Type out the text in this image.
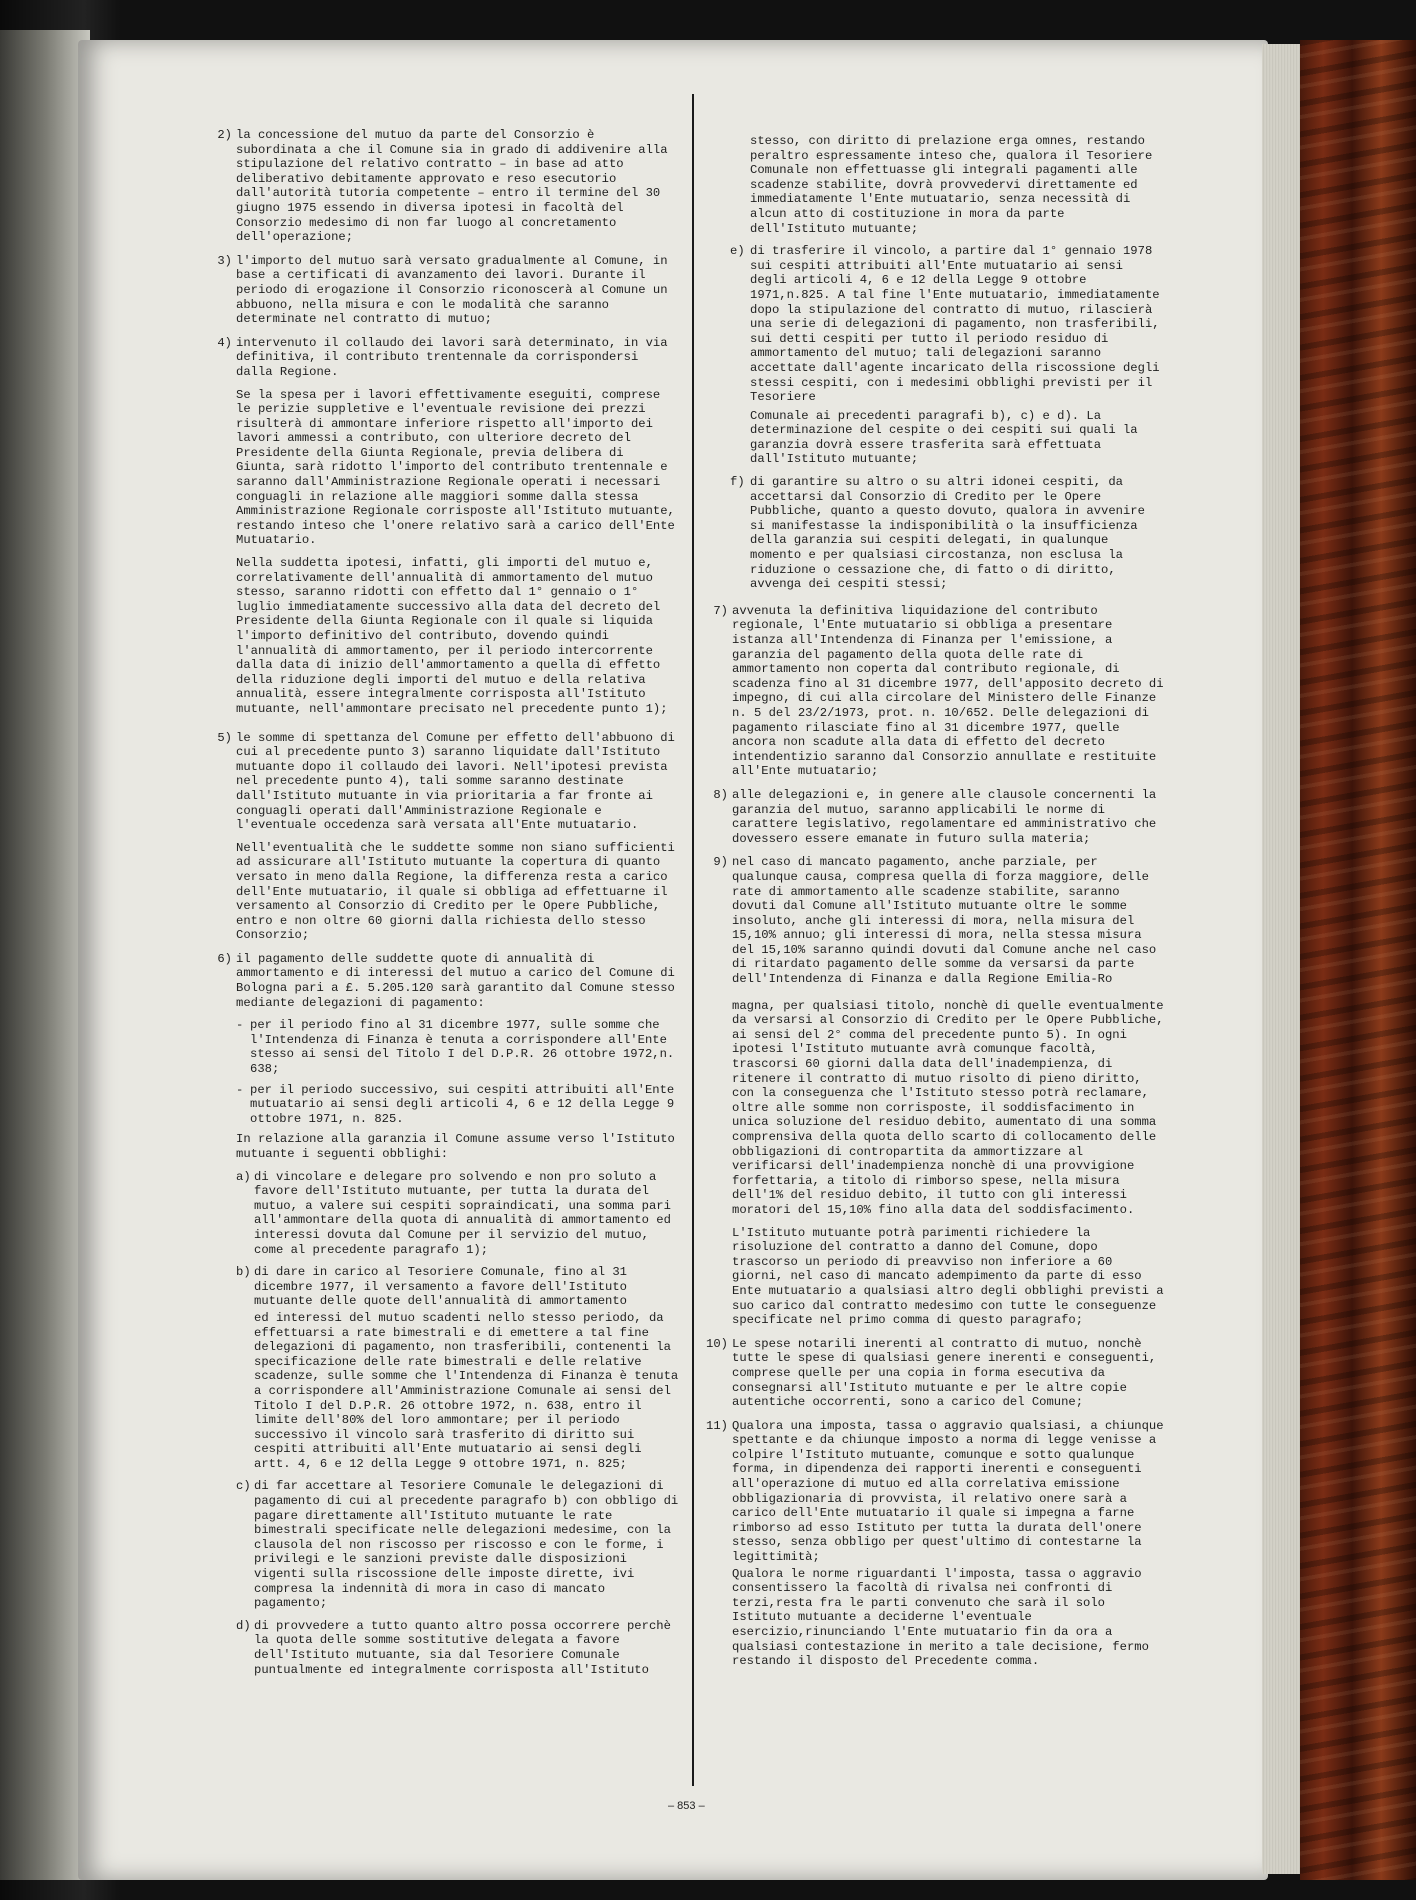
2) la concessione del mutuo da parte del Consorzio è subordinata a che il Comune sia in grado di addivenire alla stipulazione del relativo contratto – in base ad atto deliberativo debitamente approvato e reso esecutorio dall'autorità tutoria competente – entro il termine del 30 giugno 1975 essendo in diversa ipotesi in facoltà del Consorzio medesimo di non far luogo al concretamento dell'operazione;

3) l'importo del mutuo sarà versato gradualmente al Comune, in base a certificati di avanzamento dei lavori. Durante il periodo di erogazione il Consorzio riconoscerà al Comune un abbuono, nella misura e con le modalità che saranno determinate nel contratto di mutuo;

4) intervenuto il collaudo dei lavori sarà determinato, in via definitiva, il contributo trentennale da corrispondersi dalla Regione.

Se la spesa per i lavori effettivamente eseguiti, comprese le perizie suppletive e l'eventuale revisione dei prezzi risulterà di ammontare inferiore rispetto all'importo dei lavori ammessi a contributo, con ulteriore decreto del Presidente della Giunta Regionale, previa delibera di Giunta, sarà ridotto l'importo del contributo trentennale e saranno dall'Amministrazione Regionale operati i necessari conguagli in relazione alle maggiori somme dalla stessa Amministrazione Regionale corrisposte all'Istituto mutuante, restando inteso che l'onere relativo sarà a carico dell'Ente Mutuatario.

Nella suddetta ipotesi, infatti, gli importi del mutuo e, correlativamente dell'annualità di ammortamento del mutuo stesso, saranno ridotti con effetto dal 1° gennaio o 1° luglio immediatamente successivo alla data del decreto del Presidente della Giunta Regionale con il quale si liquida l'importo definitivo del contributo, dovendo quindi l'annualità di ammortamento, per il periodo intercorrente dalla data di inizio dell'ammortamento a quella di effetto della riduzione degli importi del mutuo e della relativa annualità, essere integralmente corrisposta all'Istituto mutuante, nell'ammontare precisato nel precedente punto 1);

5) le somme di spettanza del Comune per effetto dell'abbuono di cui al precedente punto 3) saranno liquidate dall'Istituto mutuante dopo il collaudo dei lavori. Nell'ipotesi prevista nel precedente punto 4), tali somme saranno destinate dall'Istituto mutuante in via prioritaria a far fronte ai conguagli operati dall'Amministrazione Regionale e l'eventuale occedenza sarà versata all'Ente mutuatario.

Nell'eventualità che le suddette somme non siano sufficienti ad assicurare all'Istituto mutuante la copertura di quanto versato in meno dalla Regione, la differenza resta a carico dell'Ente mutuatario, il quale si obbliga ad effettuarne il versamento al Consorzio di Credito per le Opere Pubbliche, entro e non oltre 60 giorni dalla richiesta dello stesso Consorzio;

6) il pagamento delle suddette quote di annualità di ammortamento e di interessi del mutuo a carico del Comune di Bologna pari a £. 5.205.120 sarà garantito dal Comune stesso mediante delegazioni di pagamento:

- per il periodo fino al 31 dicembre 1977, sulle somme che l'Intendenza di Finanza è tenuta a corrispondere all'Ente stesso ai sensi del Titolo I del D.P.R. 26 ottobre 1972,n. 638;
- per il periodo successivo, sui cespiti attribuiti all'Ente mutuatario ai sensi degli articoli 4, 6 e 12 della Legge 9 ottobre 1971, n. 825.

In relazione alla garanzia il Comune assume verso l'Istituto mutuante i seguenti obblighi:

a) di vincolare e delegare pro solvendo e non pro soluto a favore dell'Istituto mutuante, per tutta la durata del mutuo, a valere sui cespiti sopraindicati, una somma pari all'ammontare della quota di annualità di ammortamento ed interessi dovuta dal Comune per il servizio del mutuo, come al precedente paragrafo 1);

b) di dare in carico al Tesoriere Comunale, fino al 31 dicembre 1977, il versamento a favore dell'Istituto mutuante delle quote dell'annualità di ammortamento

ed interessi del mutuo scadenti nello stesso periodo, da effettuarsi a rate bimestrali e di emettere a tal fine delegazioni di pagamento, non trasferibili, contenenti la specificazione delle rate bimestrali e delle relative scadenze, sulle somme che l'Intendenza di Finanza è tenuta a corrispondere all'Amministrazione Comunale ai sensi del Titolo I del D.P.R. 26 ottobre 1972, n. 638, entro il limite dell'80% del loro ammontare; per il periodo successivo il vincolo sarà trasferito di diritto sui cespiti attribuiti all'Ente mutuatario ai sensi degli artt. 4, 6 e 12 della Legge 9 ottobre 1971, n. 825;

c) di far accettare al Tesoriere Comunale le delegazioni di pagamento di cui al precedente paragrafo b) con obbligo di pagare direttamente all'Istituto mutuante le rate bimestrali specificate nelle delegazioni medesime, con la clausola del non riscosso per riscosso e con le forme, i privilegi e le sanzioni previste dalle disposizioni vigenti sulla riscossione delle imposte dirette, ivi compresa la indennità di mora in caso di mancato pagamento;

d) di provvedere a tutto quanto altro possa occorrere perchè la quota delle somme sostitutive delegata a favore dell'Istituto mutuante, sia dal Tesoriere Comunale puntualmente ed integralmente corrisposta all'Istituto

stesso, con diritto di prelazione erga omnes, restando peraltro espressamente inteso che, qualora il Tesoriere Comunale non effettuasse gli integrali pagamenti alle scadenze stabilite, dovrà provvedervi direttamente ed immediatamente l'Ente mutuatario, senza necessità di alcun atto di costituzione in mora da parte dell'Istituto mutuante;

e) di trasferire il vincolo, a partire dal 1° gennaio 1978 sui cespiti attribuiti all'Ente mutuatario ai sensi degli articoli 4, 6 e 12 della Legge 9 ottobre 1971,n.825. A tal fine l'Ente mutuatario, immediatamente dopo la stipulazione del contratto di mutuo, rilascierà una serie di delegazioni di pagamento, non trasferibili, sui detti cespiti per tutto il periodo residuo di ammortamento del mutuo; tali delegazioni saranno accettate dall'agente incaricato della riscossione degli stessi cespiti, con i medesimi obblighi previsti per il Tesoriere

Comunale ai precedenti paragrafi b), c) e d). La determinazione del cespite o dei cespiti sui quali la garanzia dovrà essere trasferita sarà effettuata dall'Istituto mutuante;

f) di garantire su altro o su altri idonei cespiti, da accettarsi dal Consorzio di Credito per le Opere Pubbliche, quanto a questo dovuto, qualora in avvenire si manifestasse la indisponibilità o la insufficienza della garanzia sui cespiti delegati, in qualunque momento e per qualsiasi circostanza, non esclusa la riduzione o cessazione che, di fatto o di diritto, avvenga dei cespiti stessi;

7) avvenuta la definitiva liquidazione del contributo regionale, l'Ente mutuatario si obbliga a presentare istanza all'Intendenza di Finanza per l'emissione, a garanzia del pagamento della quota delle rate di ammortamento non coperta dal contributo regionale, di scadenza fino al 31 dicembre 1977, dell'apposito decreto di impegno, di cui alla circolare del Ministero delle Finanze n. 5 del 23/2/1973, prot. n. 10/652. Delle delegazioni di pagamento rilasciate fino al 31 dicembre 1977, quelle ancora non scadute alla data di effetto del decreto intendentizio saranno dal Consorzio annullate e restituite all'Ente mutuatario;

8) alle delegazioni e, in genere alle clausole concernenti la garanzia del mutuo, saranno applicabili le norme di carattere legislativo, regolamentare ed amministrativo che dovessero essere emanate in futuro sulla materia;

9) nel caso di mancato pagamento, anche parziale, per qualunque causa, compresa quella di forza maggiore, delle rate di ammortamento alle scadenze stabilite, saranno dovuti dal Comune all'Istituto mutuante oltre le somme insoluto, anche gli interessi di mora, nella misura del 15,10% annuo; gli interessi di mora, nella stessa misura del 15,10% saranno quindi dovuti dal Comune anche nel caso di ritardato pagamento delle somme da versarsi da parte dell'Intendenza di Finanza e dalla Regione Emilia-Ro

magna, per qualsiasi titolo, nonchè di quelle eventualmente da versarsi al Consorzio di Credito per le Opere Pubbliche, ai sensi del 2° comma del precedente punto 5). In ogni ipotesi l'Istituto mutuante avrà comunque facoltà, trascorsi 60 giorni dalla data dell'inadempienza, di ritenere il contratto di mutuo risolto di pieno diritto, con la conseguenza che l'Istituto stesso potrà reclamare, oltre alle somme non corrisposte, il soddisfacimento in unica soluzione del residuo debito, aumentato di una somma comprensiva della quota dello scarto di collocamento delle obbligazioni di contropartita da ammortizzare al verificarsi dell'inadempienza nonchè di una provvigione forfettaria, a titolo di rimborso spese, nella misura dell'1% del residuo debito, il tutto con gli interessi moratori del 15,10% fino alla data del soddisfacimento.

L'Istituto mutuante potrà parimenti richiedere la risoluzione del contratto a danno del Comune, dopo trascorso un periodo di preavviso non inferiore a 60 giorni, nel caso di mancato adempimento da parte di esso Ente mutuatario a qualsiasi altro degli obblighi previsti a suo carico dal contratto medesimo con tutte le conseguenze specificate nel primo comma di questo paragrafo;

10) Le spese notarili inerenti al contratto di mutuo, nonchè tutte le spese di qualsiasi genere inerenti e conseguenti, comprese quelle per una copia in forma esecutiva da consegnarsi all'Istituto mutuante e per le altre copie autentiche occorrenti, sono a carico del Comune;

11) Qualora una imposta, tassa o aggravio qualsiasi, a chiunque spettante e da chiunque imposto a norma di legge venisse a colpire l'Istituto mutuante, comunque e sotto qualunque forma, in dipendenza dei rapporti inerenti e conseguenti all'operazione di mutuo ed alla correlativa emissione obbligazionaria di provvista, il relativo onere sarà a carico dell'Ente mutuatario il quale si impegna a farne rimborso ad esso Istituto per tutta la durata dell'onere stesso, senza obbligo per quest'ultimo di contestarne la legittimità;

Qualora le norme riguardanti l'imposta, tassa o aggravio consentissero la facoltà di rivalsa nei confronti di terzi,resta fra le parti convenuto che sarà il solo Istituto mutuante a deciderne l'eventuale esercizio,rinunciando l'Ente mutuatario fin da ora a qualsiasi contestazione in merito a tale decisione, fermo restando il disposto del Precedente comma.

– 853 –
